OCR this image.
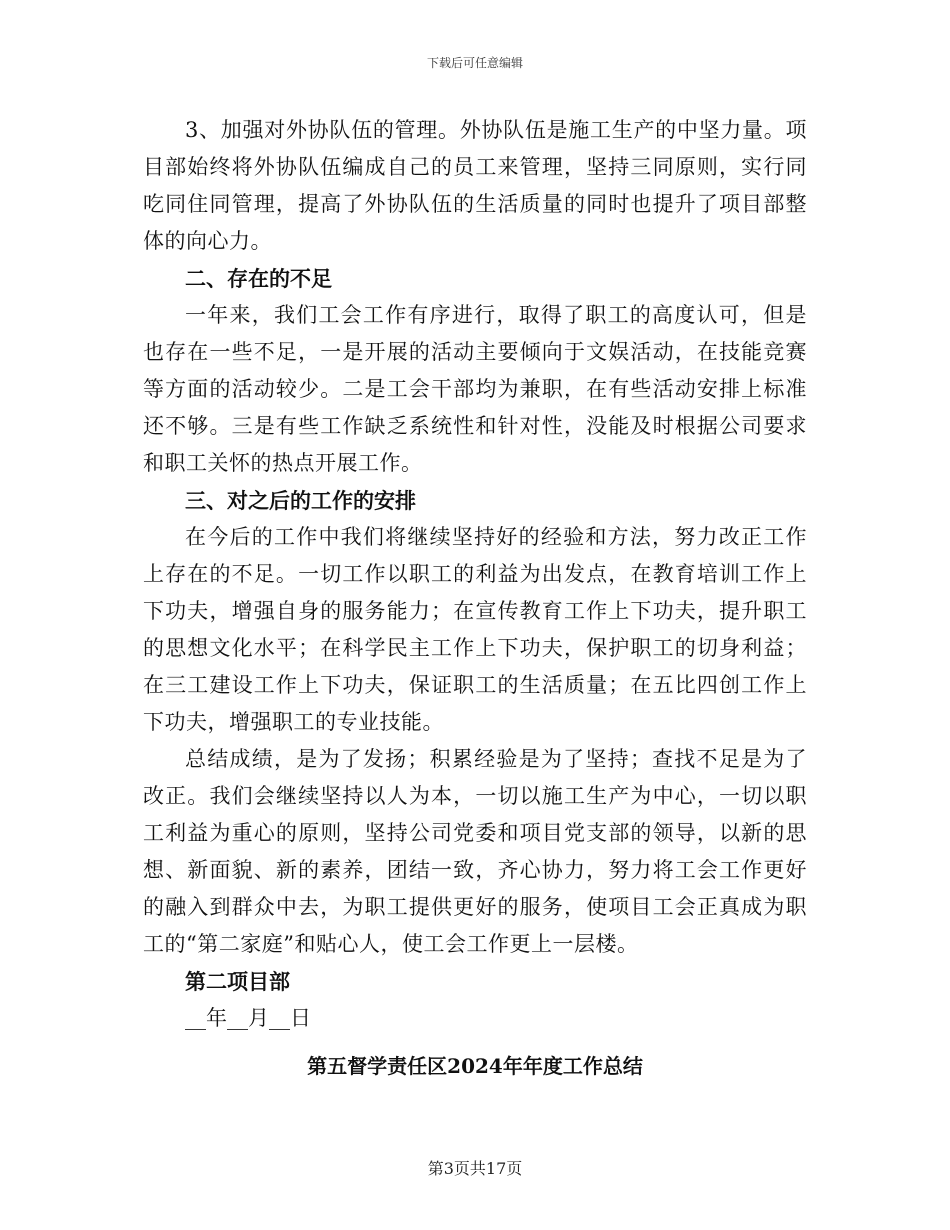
下载后可任意编辑

3、加强对外协队伍的管理。外协队伍是施工生产的中坚力量。项目部始终将外协队伍编成自己的员工来管理，坚持三同原则，实行同吃同住同管理，提高了外协队伍的生活质量的同时也提升了项目部整体的向心力。

二、存在的不足

一年来，我们工会工作有序进行，取得了职工的高度认可，但是也存在一些不足，一是开展的活动主要倾向于文娱活动，在技能竞赛等方面的活动较少。二是工会干部均为兼职，在有些活动安排上标准还不够。三是有些工作缺乏系统性和针对性，没能及时根据公司要求和职工关怀的热点开展工作。

三、对之后的工作的安排

在今后的工作中我们将继续坚持好的经验和方法，努力改正工作上存在的不足。一切工作以职工的利益为出发点，在教育培训工作上下功夫，增强自身的服务能力；在宣传教育工作上下功夫，提升职工的思想文化水平；在科学民主工作上下功夫，保护职工的切身利益；在三工建设工作上下功夫，保证职工的生活质量；在五比四创工作上下功夫，增强职工的专业技能。

总结成绩，是为了发扬；积累经验是为了坚持；查找不足是为了改正。我们会继续坚持以人为本，一切以施工生产为中心，一切以职工利益为重心的原则，坚持公司党委和项目党支部的领导，以新的思想、新面貌、新的素养，团结一致，齐心协力，努力将工会工作更好的融入到群众中去，为职工提供更好的服务，使项目工会正真成为职工的“第二家庭”和贴心人，使工会工作更上一层楼。

第二项目部

__年__月__日

第五督学责任区2024年年度工作总结
第3页共17页
